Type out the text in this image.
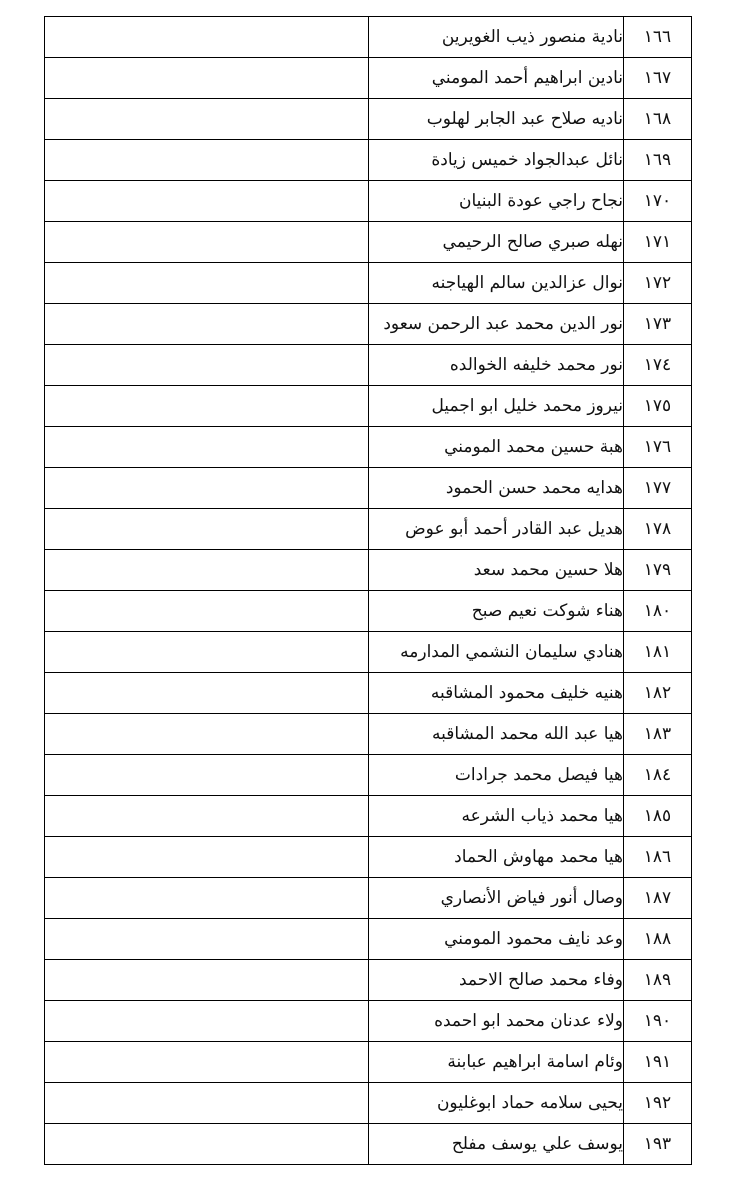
١٦٦	نادية منصور ذيب الغويرين	
١٦٧	نادين ابراهيم أحمد المومني	
١٦٨	ناديه صلاح عبد الجابر لهلوب	
١٦٩	نائل عبدالجواد خميس زيادة	
١٧٠	نجاح راجي عودة البنيان	
١٧١	نهله صبري صالح الرحيمي	
١٧٢	نوال عزالدين سالم الهياجنه	
١٧٣	نور الدين محمد عبد الرحمن سعود	
١٧٤	نور محمد خليفه الخوالده	
١٧٥	نيروز محمد خليل ابو اجميل	
١٧٦	هبة حسين محمد المومني	
١٧٧	هدايه محمد حسن الحمود	
١٧٨	هديل عبد القادر أحمد أبو عوض	
١٧٩	هلا حسين محمد سعد	
١٨٠	هناء شوكت نعيم صبح	
١٨١	هنادي سليمان النشمي المدارمه	
١٨٢	هنيه خليف محمود المشاقبه	
١٨٣	هيا عبد الله محمد المشاقبه	
١٨٤	هيا فيصل محمد جرادات	
١٨٥	هيا محمد ذياب الشرعه	
١٨٦	هيا محمد مهاوش الحماد	
١٨٧	وصال أنور فياض الأنصاري	
١٨٨	وعد نايف محمود المومني	
١٨٩	وفاء محمد صالح الاحمد	
١٩٠	ولاء عدنان محمد ابو احمده	
١٩١	وئام اسامة ابراهيم عبابنة	
١٩٢	يحيى سلامه حماد ابوغليون	
١٩٣	يوسف علي يوسف مفلح	
